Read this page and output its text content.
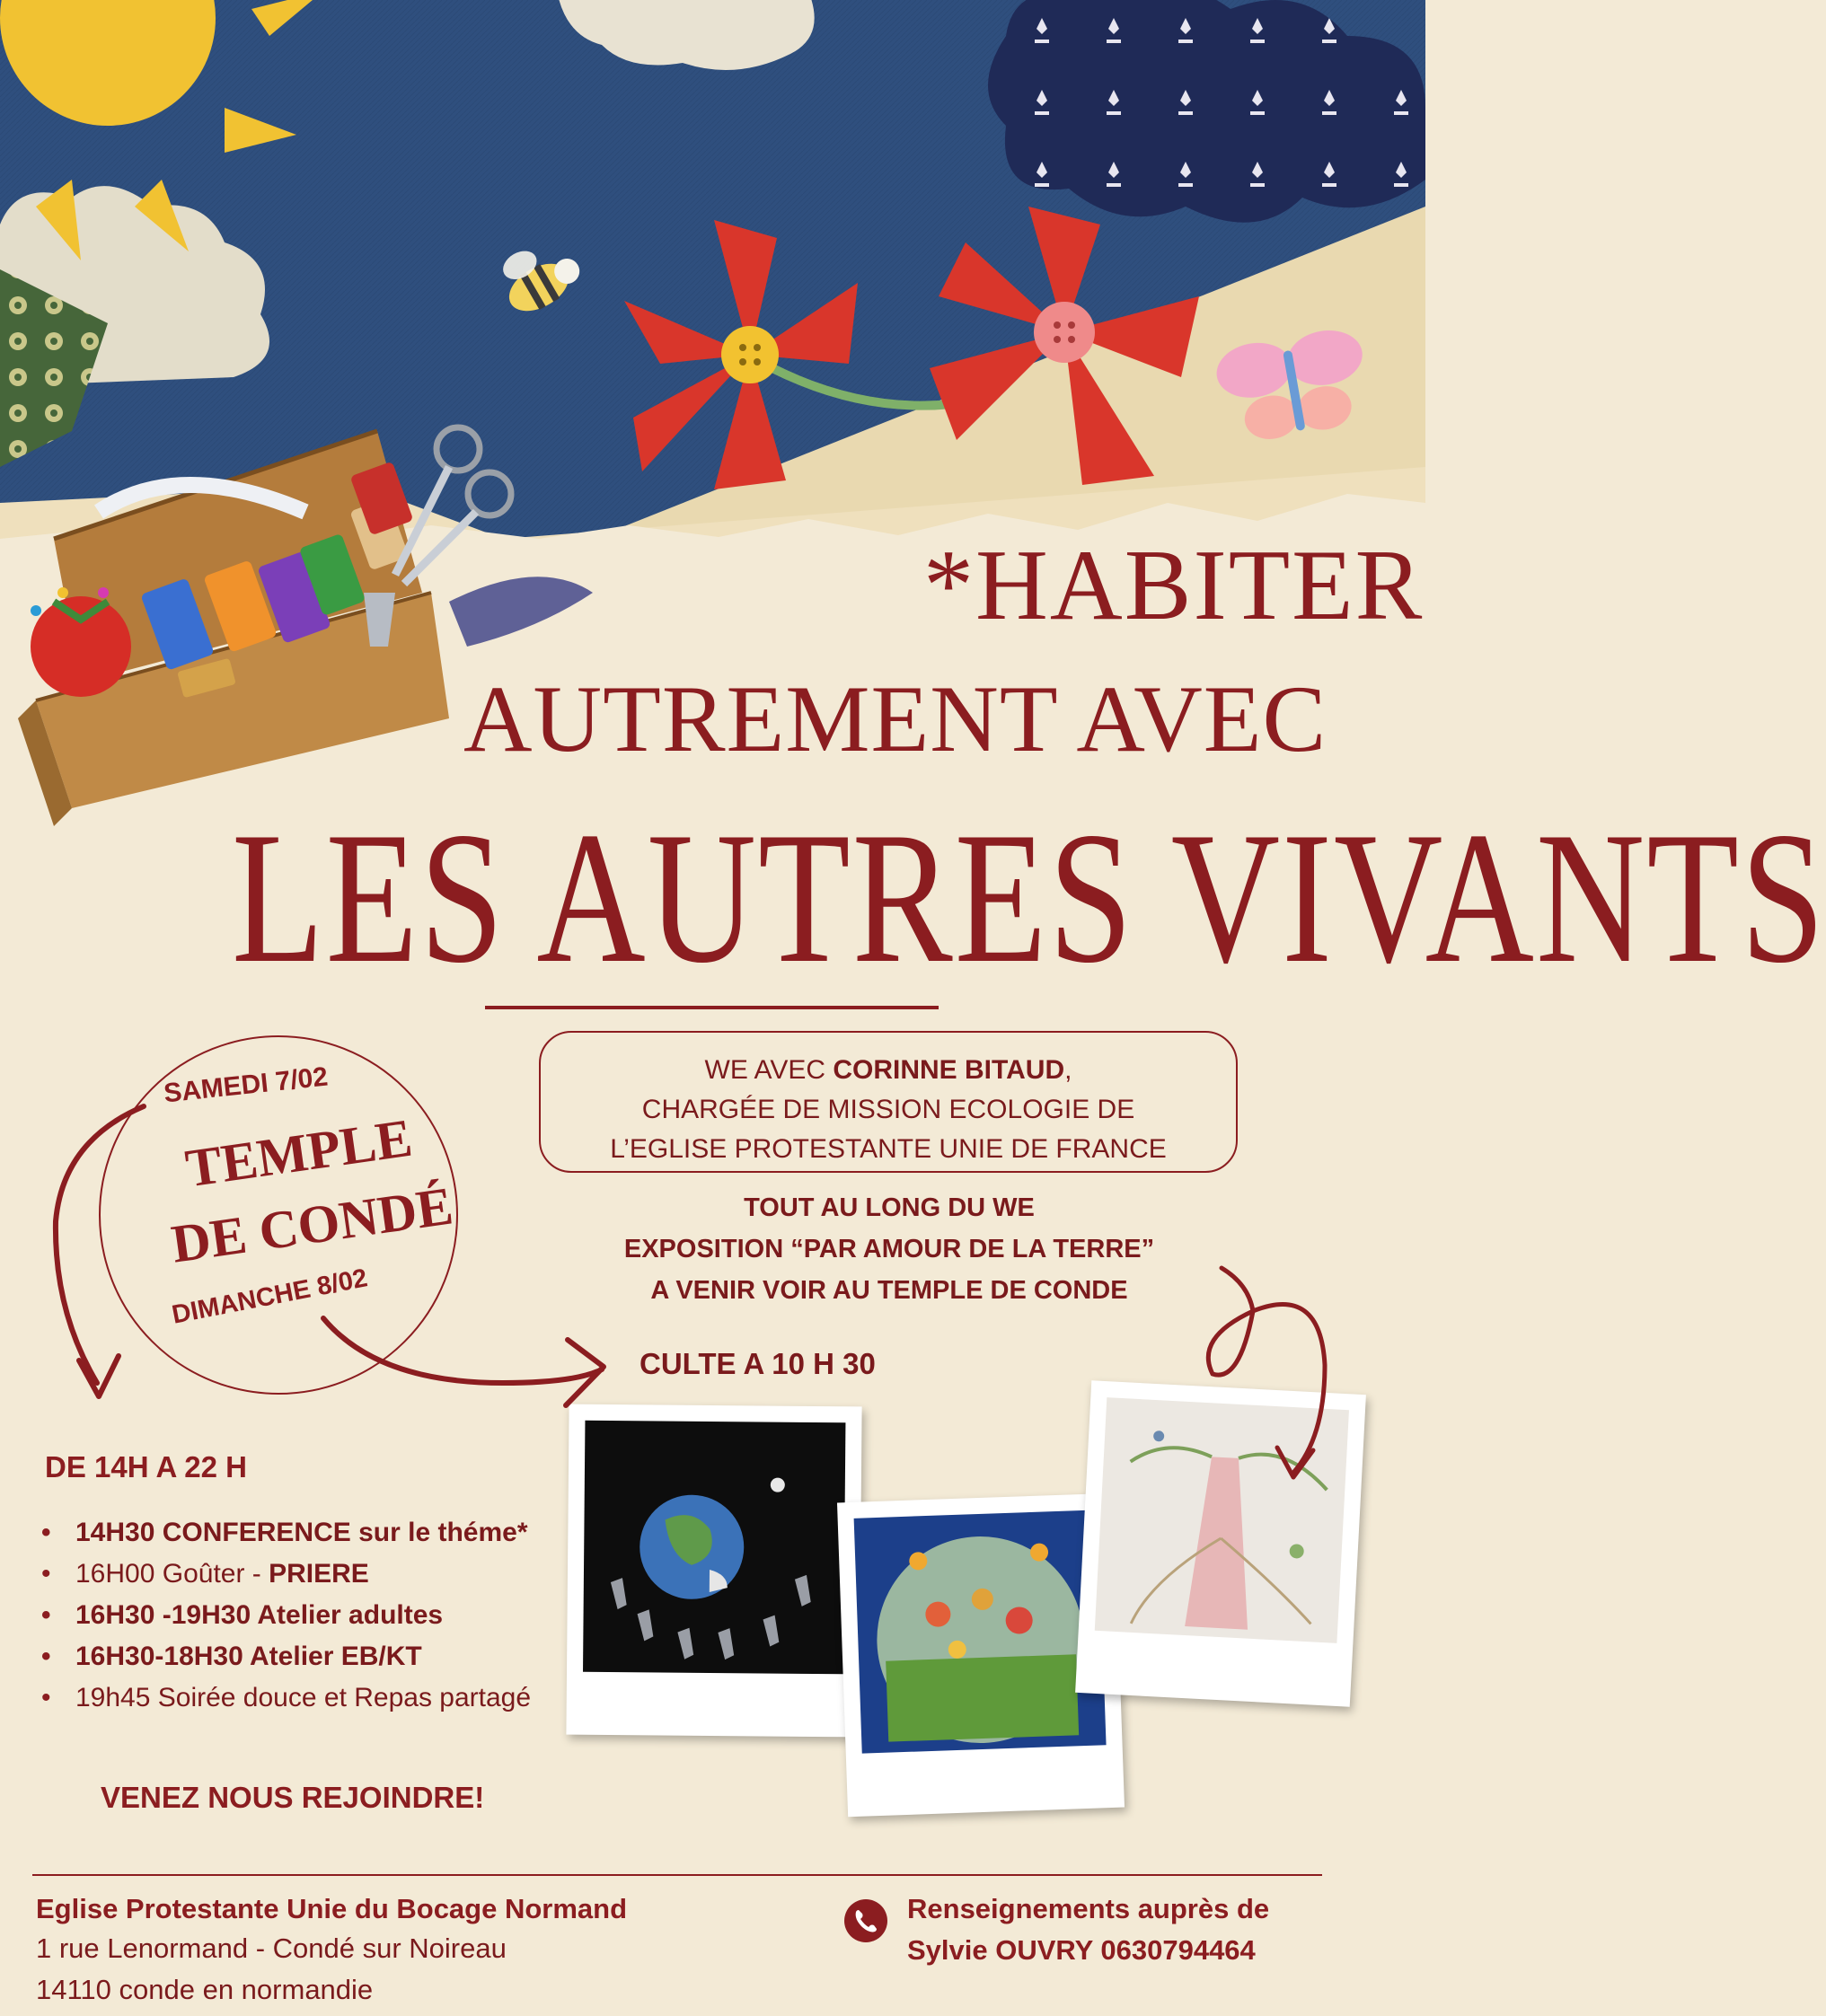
*HABITER
AUTREMENT AVEC
LES AUTRES VIVANTS
SAMEDI 7/02
TEMPLE
DE CONDÉ
DIMANCHE 8/02
WE AVEC CORINNE BITAUD,
CHARGÉE DE MISSION ECOLOGIE DE
L’EGLISE PROTESTANTE UNIE DE FRANCE
TOUT AU LONG DU WE
EXPOSITION “PAR AMOUR DE LA TERRE”
A VENIR VOIR AU TEMPLE DE CONDE
CULTE A 10 H 30
DE 14H A 22 H
• 14H30 CONFERENCE sur le théme*
• 16H00 Goûter - PRIERE
• 16H30 -19H30 Atelier adultes
• 16H30-18H30 Atelier EB/KT
• 19h45 Soirée douce et Repas partagé
VENEZ NOUS REJOINDRE!
Eglise Protestante Unie du Bocage Normand
1 rue Lenormand - Condé sur Noireau
14110 conde en normandie
Renseignements auprès de
Sylvie OUVRY 0630794464
